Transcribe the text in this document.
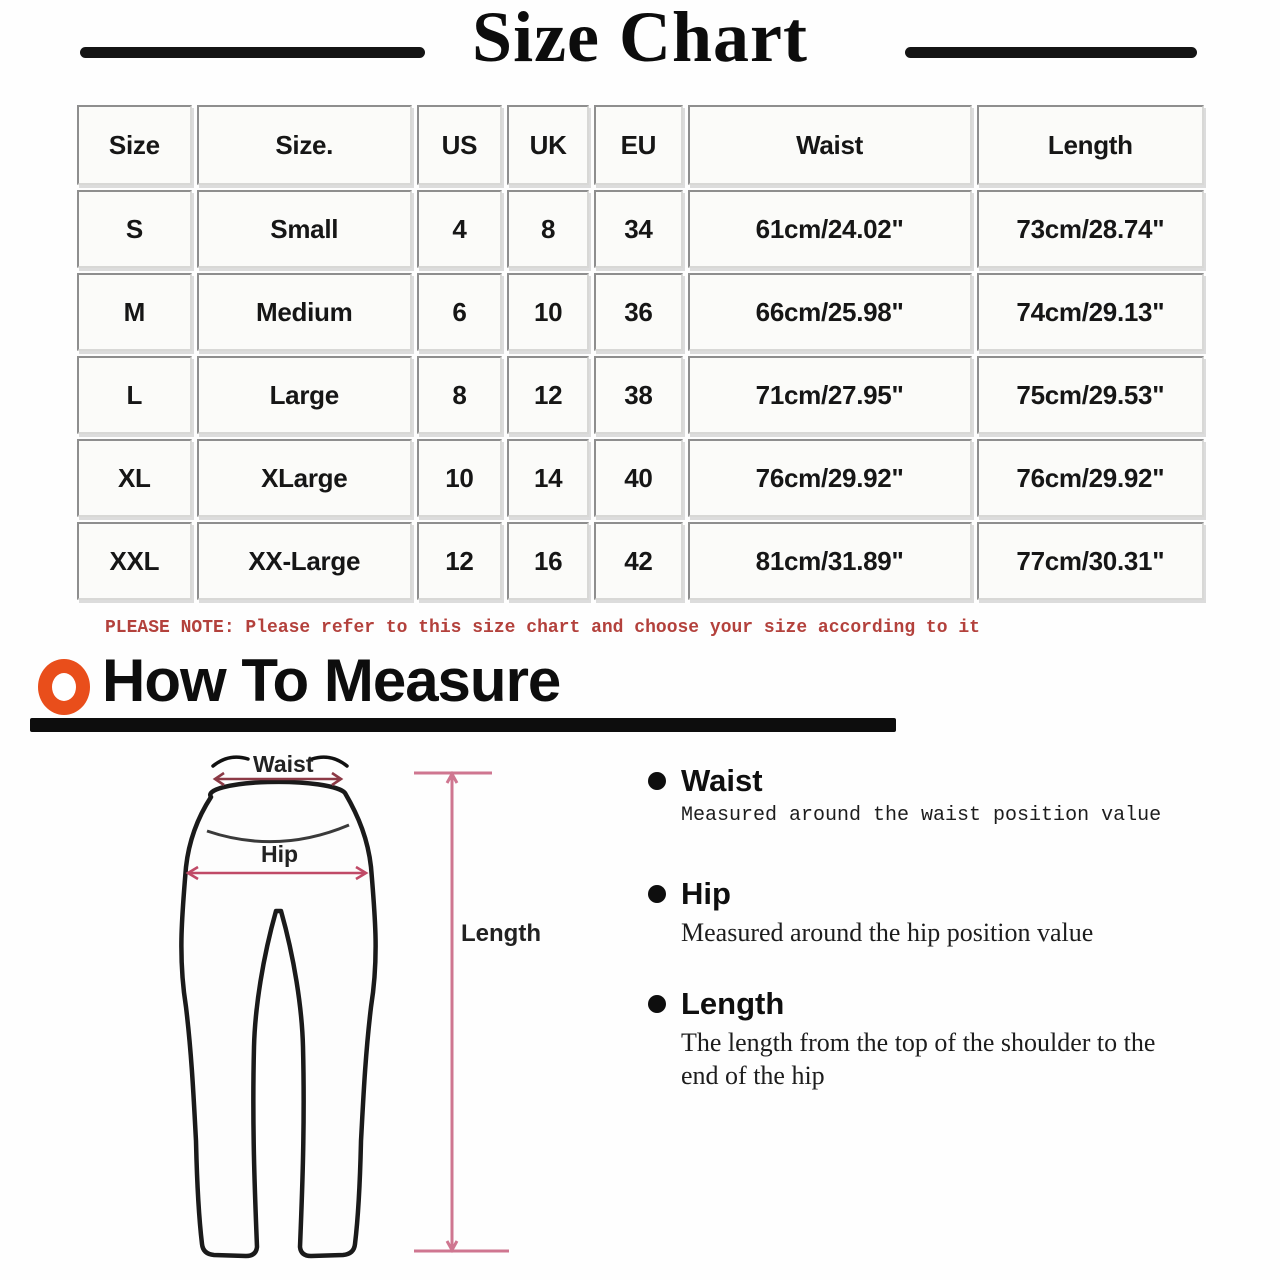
Size Chart
Size	Size.	US	UK	EU	Waist	Length
S	Small	4	8	34	61cm/24.02"	73cm/28.74"
M	Medium	6	10	36	66cm/25.98"	74cm/29.13"
L	Large	8	12	38	71cm/27.95"	75cm/29.53"
XL	XLarge	10	14	40	76cm/29.92"	76cm/29.92"
XXL	XX-Large	12	16	42	81cm/31.89"	77cm/30.31"
PLEASE NOTE: Please refer to this size chart and choose your size according to it
How To Measure
Waist
Hip
Length
Waist
Measured around the waist position value
Hip
Measured around the hip position value
Length
The length from the top of the shoulder to the end of the hip
